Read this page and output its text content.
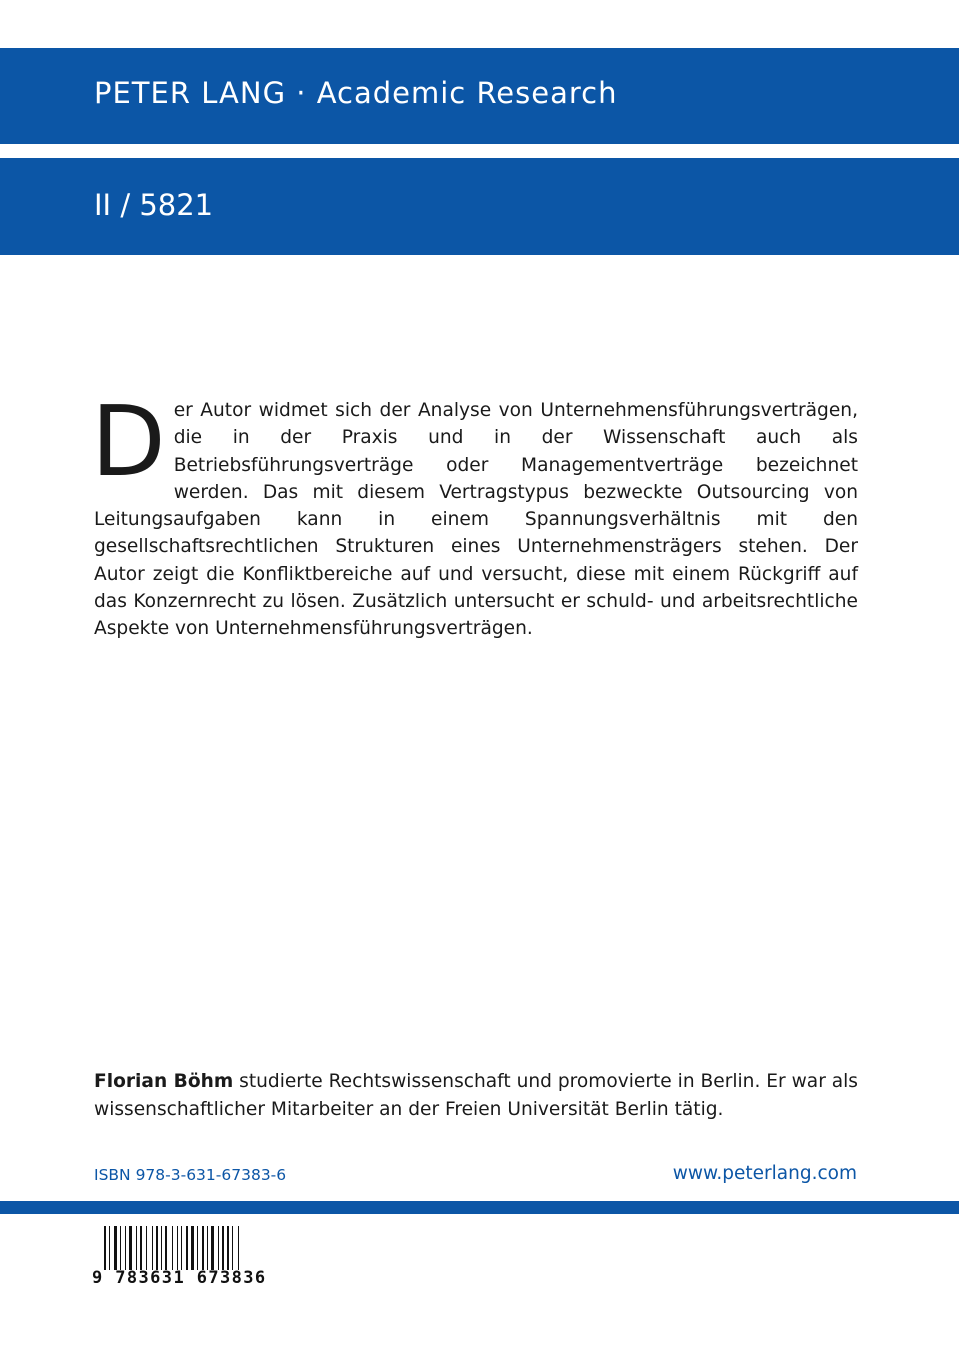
PETER LANG · Academic Research
II / 5821
Der Autor widmet sich der Analyse von Unternehmensführungsverträgen, die in der Praxis und in der Wissenschaft auch als Betriebsführungsverträge oder Managementverträge bezeichnet werden. Das mit diesem Vertragstypus bezweckte Outsourcing von Leitungsaufgaben kann in einem Spannungsverhältnis mit den gesellschaftsrechtlichen Strukturen eines Unternehmensträgers stehen. Der Autor zeigt die Konfliktbereiche auf und versucht, diese mit einem Rückgriff auf das Konzernrecht zu lösen. Zusätzlich untersucht er schuld- und arbeitsrechtliche Aspekte von Unternehmensführungsverträgen.
Florian Böhm studierte Rechtswissenschaft und promovierte in Berlin. Er war als wissenschaftlicher Mitarbeiter an der Freien Universität Berlin tätig.
ISBN 978-3-631-67383-6	www.peterlang.com
9 783631 673836
